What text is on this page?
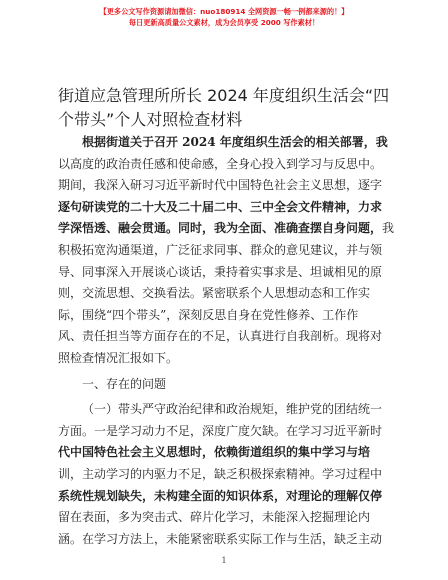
【更多公文写作资源请加微信：nuo180914 全网资源一畅一例都来源的！】
每日更新高质量公文素材，成为会员享受 2000 写作素材！
街道应急管理所所长 2024 年度组织生活会“四
个带头”个人对照检查材料
根据街道关于召开 2024 年度组织生活会的相关部署，我
以高度的政治责任感和使命感，全身心投入到学习与反思中。
期间，我深入研习习近平新时代中国特色社会主义思想，逐字
逐句研读党的二十大及二十届二中、三中全会文件精神，力求
学深悟透、融会贯通。同时，我为全面、准确查摆自身问题，我
积极拓宽沟通渠道，广泛征求同事、群众的意见建议，并与领
导、同事深入开展谈心谈话，秉持着实事求是、坦诚相见的原
则，交流思想、交换看法。紧密联系个人思想动态和工作实
际，围绕“四个带头”，深刻反思自身在党性修养、工作作
风、责任担当等方面存在的不足，认真进行自我剖析。现将对
照检查情况汇报如下。
一、存在的问题
（一）带头严守政治纪律和政治规矩，维护党的团结统一
方面。一是学习动力不足，深度广度欠缺。在学习习近平新时
代中国特色社会主义思想时，依赖街道组织的集中学习与培
训，主动学习的内驱力不足，缺乏积极探索精神。学习过程中
系统性规划缺失，未构建全面的知识体系，对理论的理解仅停
留在表面，多为突击式、碎片化学习，未能深入挖掘理论内
涵。在学习方法上，未能紧密联系实际工作与生活，缺乏主动
1
